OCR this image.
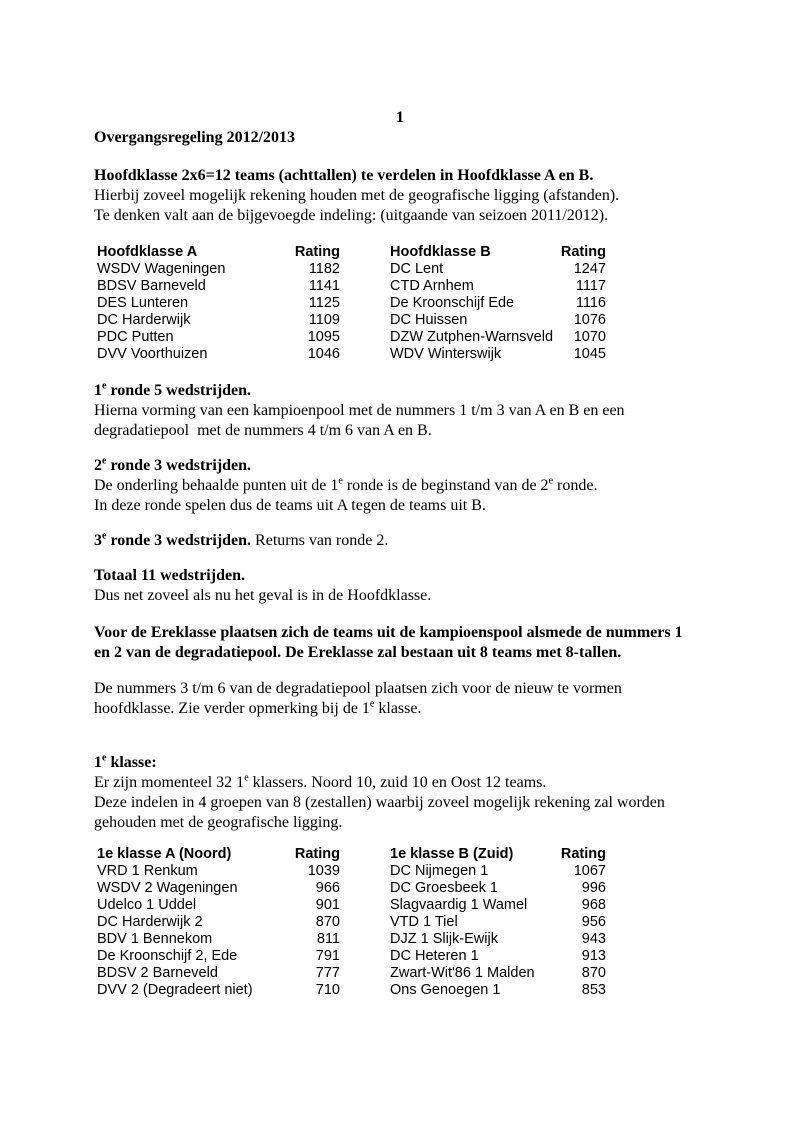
1
Overgangsregeling 2012/2013
Hoofdklasse 2x6=12 teams (achttallen) te verdelen in Hoofdklasse A en B.
Hierbij zoveel mogelijk rekening houden met de geografische ligging (afstanden).
Te denken valt aan de bijgevoegde indeling: (uitgaande van seizoen 2011/2012).
Hoofdklasse A	Rating
WSDV Wageningen	1182
BDSV Barneveld	1141
DES Lunteren	1125
DC Harderwijk	1109
PDC Putten	1095
DVV Voorthuizen	1046
Hoofdklasse B	Rating
DC Lent	1247
CTD Arnhem	1117
De Kroonschijf Ede	1116
DC Huissen	1076
DZW Zutphen-Warnsveld	1070
WDV Winterswijk	1045
1e ronde 5 wedstrijden.
Hierna vorming van een kampioenpool met de nummers 1 t/m 3 van A en B en een
degradatiepool  met de nummers 4 t/m 6 van A en B.
2e ronde 3 wedstrijden.
De onderling behaalde punten uit de 1e ronde is de beginstand van de 2e ronde.
In deze ronde spelen dus de teams uit A tegen de teams uit B.
3e ronde 3 wedstrijden. Returns van ronde 2.
Totaal 11 wedstrijden.
Dus net zoveel als nu het geval is in de Hoofdklasse.
Voor de Ereklasse plaatsen zich de teams uit de kampioenspool alsmede de nummers 1
en 2 van de degradatiepool. De Ereklasse zal bestaan uit 8 teams met 8-tallen.
De nummers 3 t/m 6 van de degradatiepool plaatsen zich voor de nieuw te vormen
hoofdklasse. Zie verder opmerking bij de 1e klasse.
1e klasse:
Er zijn momenteel 32 1e klassers. Noord 10, zuid 10 en Oost 12 teams.
Deze indelen in 4 groepen van 8 (zestallen) waarbij zoveel mogelijk rekening zal worden
gehouden met de geografische ligging.
1e klasse A (Noord)	Rating
VRD 1 Renkum	1039
WSDV 2 Wageningen	966
Udelco 1 Uddel	901
DC Harderwijk 2	870
BDV 1 Bennekom	811
De Kroonschijf 2, Ede	791
BDSV 2 Barneveld	777
DVV 2 (Degradeert niet)	710
1e klasse B (Zuid)	Rating
DC Nijmegen 1	1067
DC Groesbeek 1	996
Slagvaardig 1 Wamel	968
VTD 1 Tiel	956
DJZ 1 Slijk-Ewijk	943
DC Heteren 1	913
Zwart-Wit'86 1 Malden	870
Ons Genoegen 1	853
